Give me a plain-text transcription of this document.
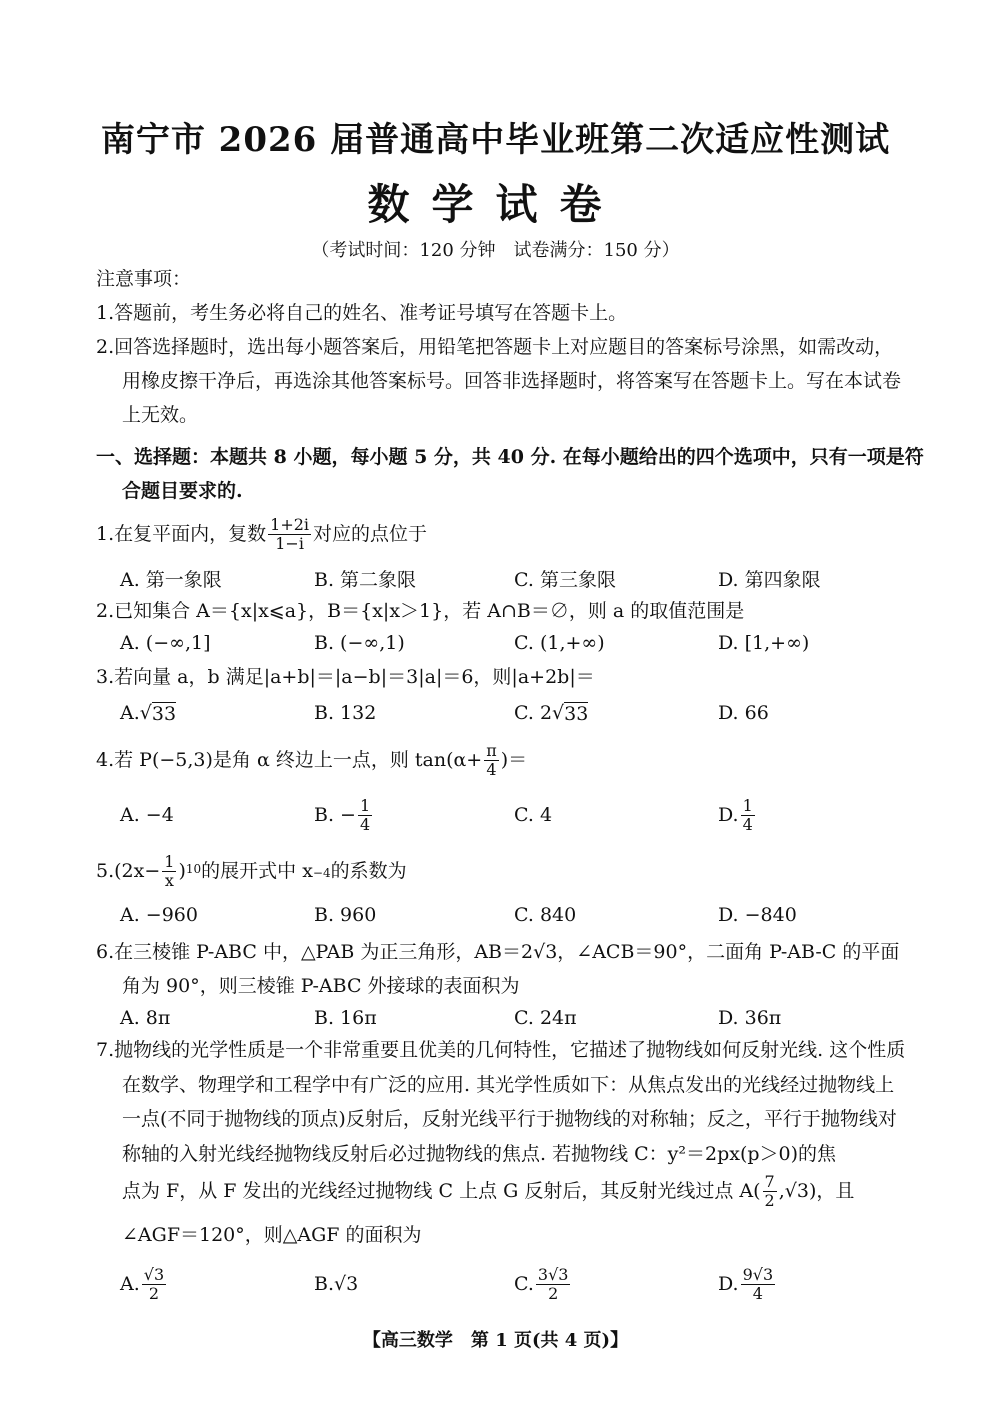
南宁市 2026 届普通高中毕业班第二次适应性测试
数学试卷
（考试时间：120 分钟　试卷满分：150 分）
注意事项：
1.答题前，考生务必将自己的姓名、准考证号填写在答题卡上。
2.回答选择题时，选出每小题答案后，用铅笔把答题卡上对应题目的答案标号涂黑，如需改动，用橡皮擦干净后，再选涂其他答案标号。回答非选择题时，将答案写在答题卡上。写在本试卷上无效。
一、选择题：本题共 8 小题，每小题 5 分，共 40 分. 在每小题给出的四个选项中，只有一项是符合题目要求的.
1.在复平面内，复数 $\frac{1+2i}{1-i}$ 对应的点位于
A. 第一象限	B. 第二象限	C. 第三象限	D. 第四象限
2.已知集合 A＝{x|x⩽a}，B＝{x|x＞1}，若 A∩B＝∅，则 a 的取值范围是
A. (−∞,1]	B. (−∞,1)	C. (1,+∞)	D. [1,+∞)
3.若向量 a，b 满足|a+b|＝|a−b|＝3|a|＝6，则|a+2b|＝
A. √ 33	B. 132	C. 2 √ 33	D. 66
4.若 P(−5,3)是角 α 终边上一点，则 $\tan(\alpha+ \frac{\pi}{4}$ )＝
A. −4	B. − $\frac{1}{4}$	C. 4	D. $\frac{1}{4}$
$5.(2x- \frac{1}{x}$ ) 10 的展开式中 x −4 的系数为
A. −960	B. 960	C. 840	D. −840
6.在三棱锥 P-ABC 中，△PAB 为正三角形，AB＝2√3，∠ACB＝90°，二面角 P-AB-C 的平面角为 90°，则三棱锥 P-ABC 外接球的表面积为
A. 8π	B. 16π	C. 24π	D. 36π
7.抛物线的光学性质是一个非常重要且优美的几何特性，它描述了抛物线如何反射光线. 这个性质在数学、物理学和工程学中有广泛的应用. 其光学性质如下：从焦点发出的光线经过抛物线上一点(不同于抛物线的顶点)反射后，反射光线平行于抛物线的对称轴；反之，平行于抛物线对称轴的入射光线经抛物线反射后必过抛物线的焦点. 若抛物线 C：y²＝2px(p＞0)的焦
点为 F，从 F 发出的光线经过抛物线 C 上点 G 反射后，其反射光线过点 $A( \frac{7}{2} ,√3)$，且
∠AGF＝120°，则△AGF 的面积为
A. $\frac{√3}{2}$	B.√3	C. $\frac{3√3}{2}$	D. $\frac{9√3}{4}$
【高三数学　第 1 页(共 4 页)】
